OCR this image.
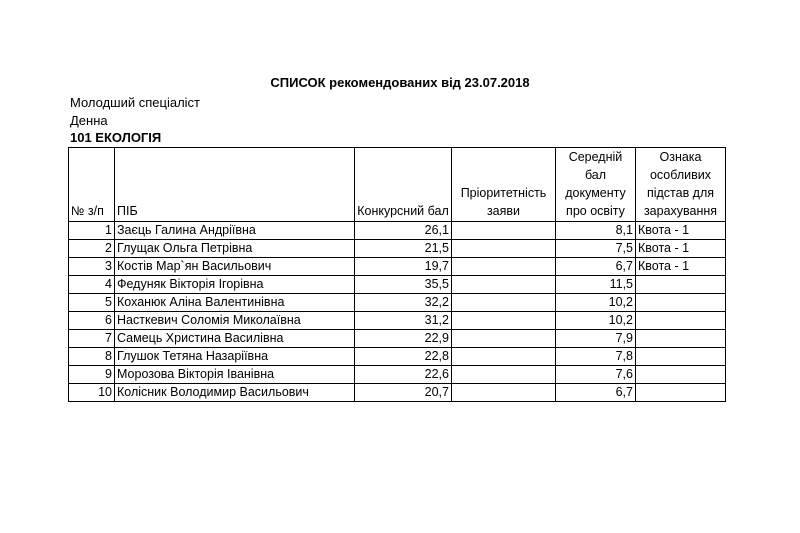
СПИСОК рекомендованих від 23.07.2018
Молодший спеціаліст
Денна
101 ЕКОЛОГІЯ
№ з/п	ПІБ	Конкурсний бал	Пріоритетність заяви	Середній бал документу про освіту	Ознака особливих підстав для зарахування
1	Заєць Галина Андріївна	26,1		8,1	Квота - 1
2	Глущак Ольга Петрівна	21,5		7,5	Квота - 1
3	Костів Мар`ян Васильович	19,7		6,7	Квота - 1
4	Федуняк Вікторія Ігорівна	35,5		11,5	
5	Коханюк Аліна Валентинівна	32,2		10,2	
6	Насткевич Соломія Миколаївна	31,2		10,2	
7	Самець Христина Василівна	22,9		7,9	
8	Глушок Тетяна Назаріївна	22,8		7,8	
9	Морозова Вікторія Іванівна	22,6		7,6	
10	Колісник Володимир Васильович	20,7		6,7	
